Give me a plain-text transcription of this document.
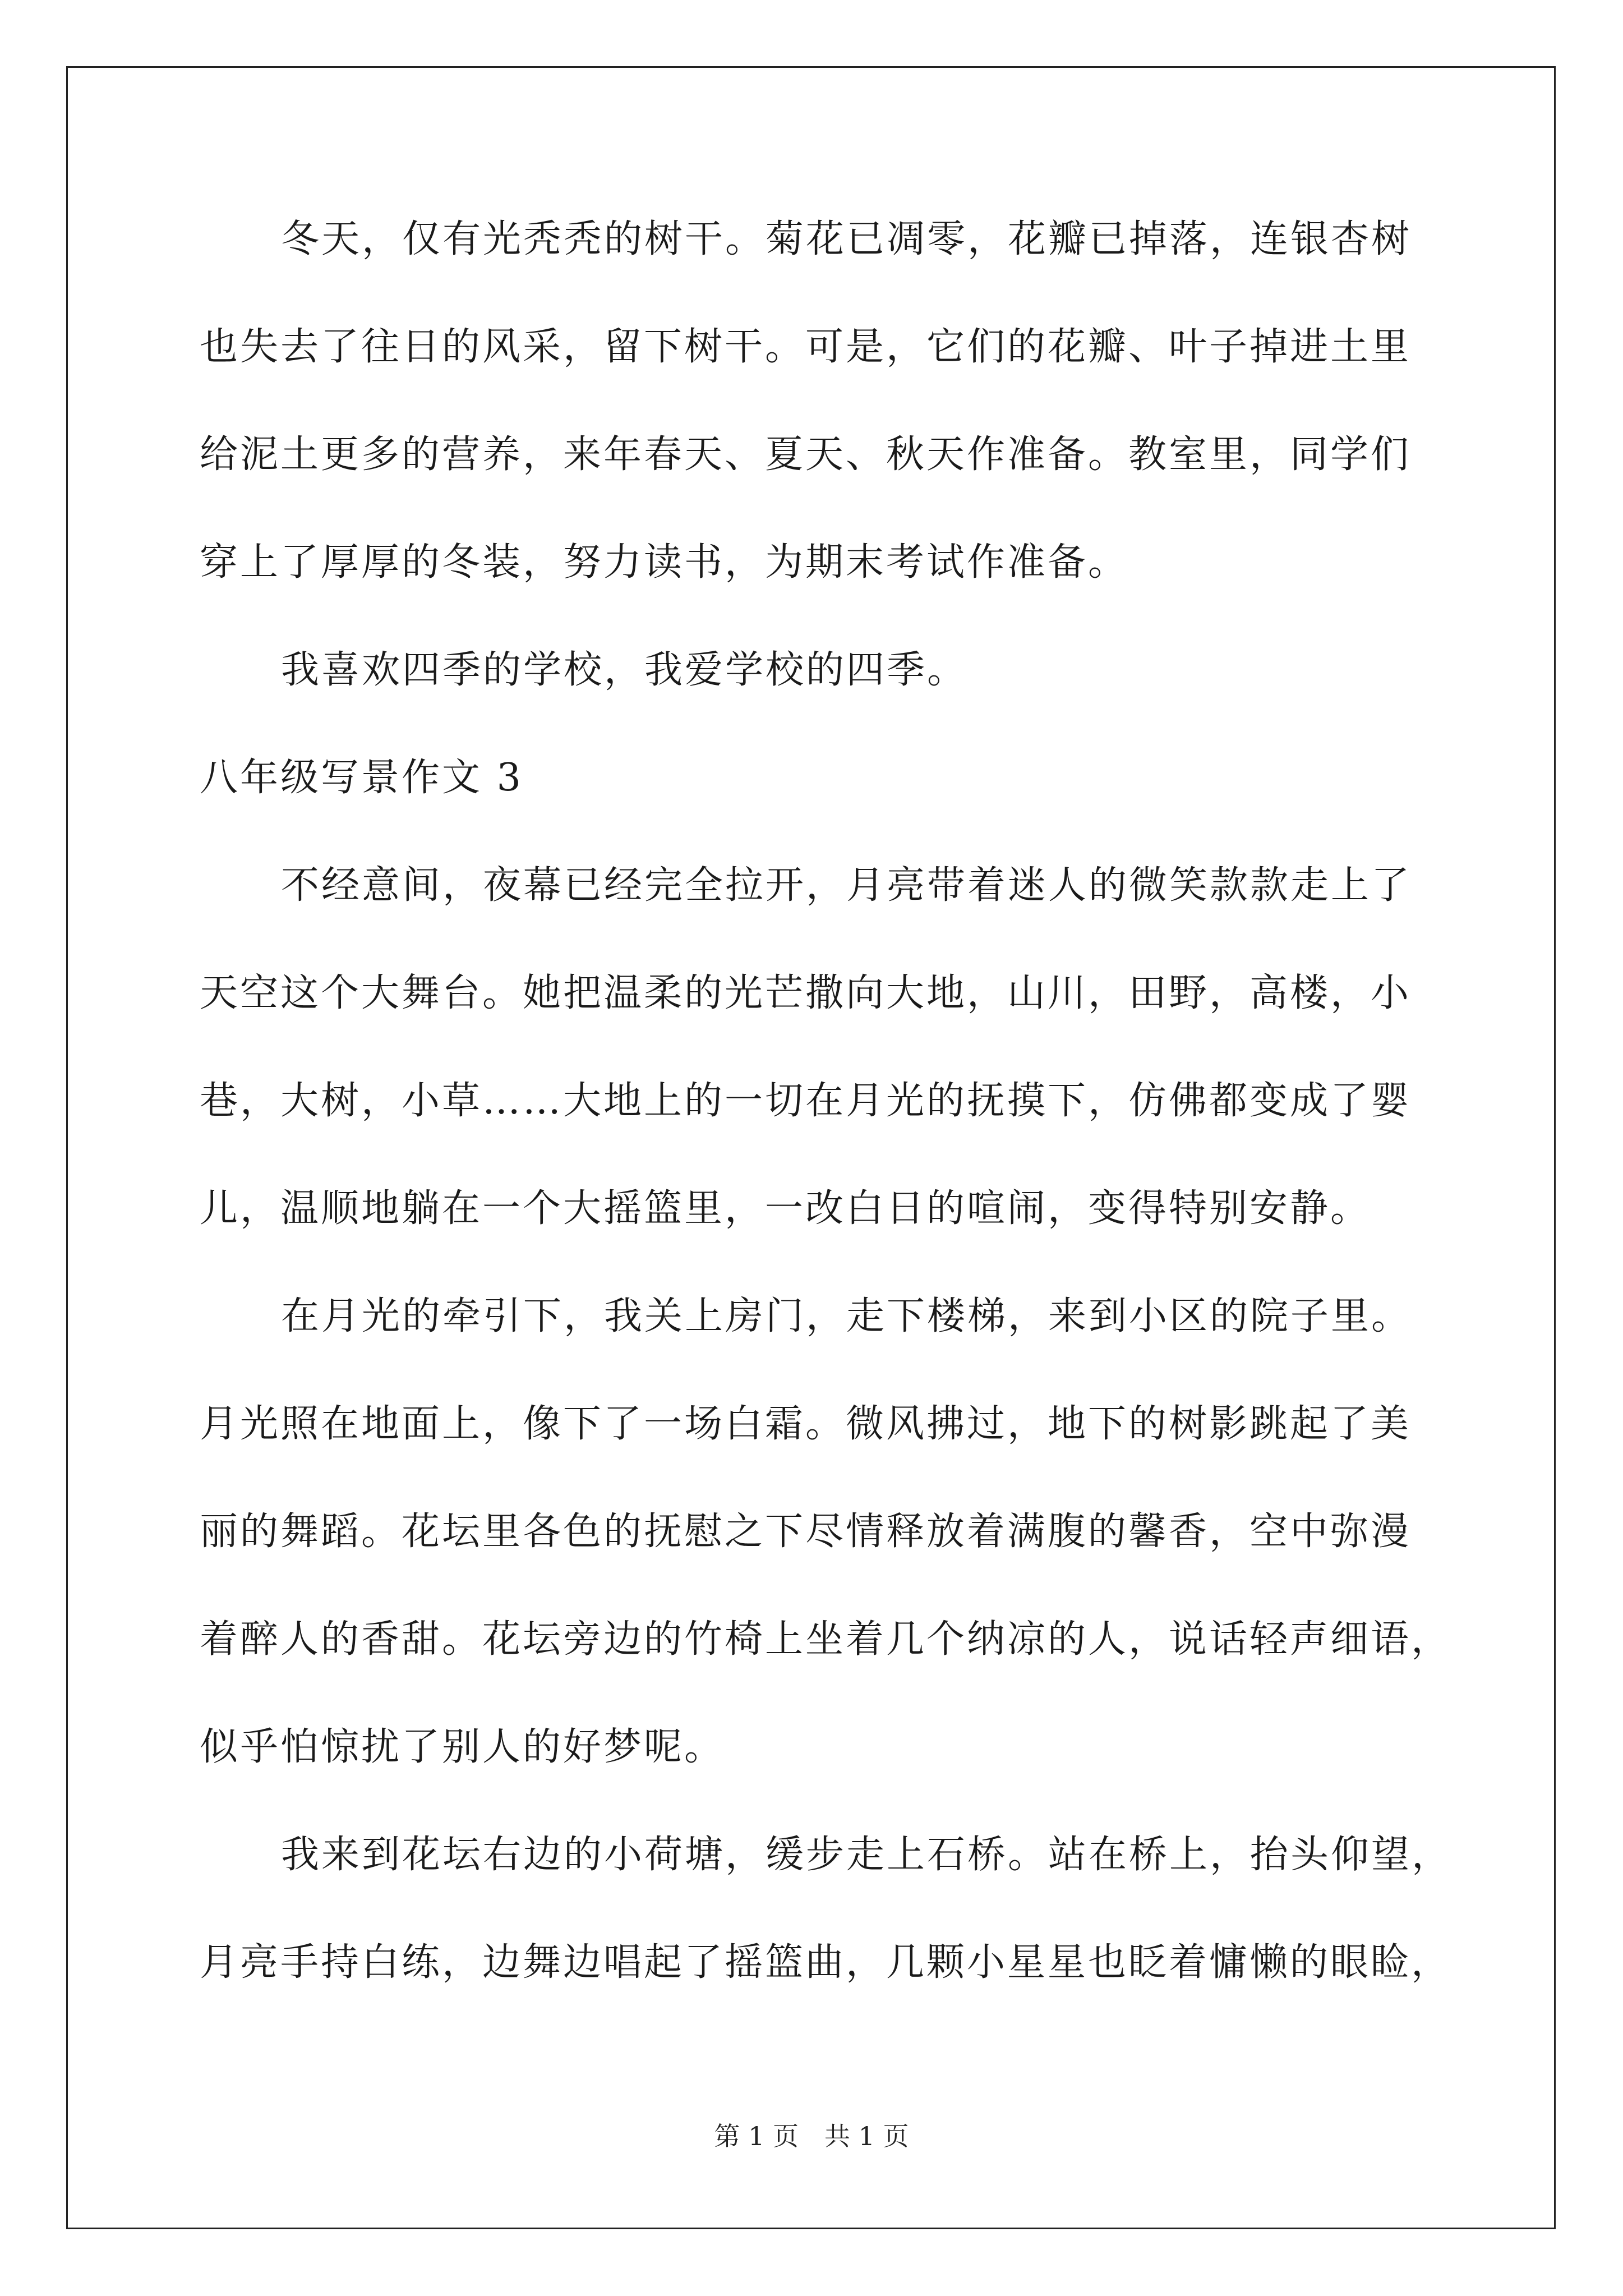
冬天，仅有光秃秃的树干。菊花已凋零，花瓣已掉落，连银杏树
也失去了往日的风采，留下树干。可是，它们的花瓣、叶子掉进土里
给泥土更多的营养，来年春天、夏天、秋天作准备。教室里，同学们
穿上了厚厚的冬装，努力读书，为期末考试作准备。
我喜欢四季的学校，我爱学校的四季。
八年级写景作文 3
不经意间，夜幕已经完全拉开，月亮带着迷人的微笑款款走上了
天空这个大舞台。她把温柔的光芒撒向大地，山川，田野，高楼，小
巷，大树，小草……大地上的一切在月光的抚摸下，仿佛都变成了婴
儿，温顺地躺在一个大摇篮里，一改白日的喧闹，变得特别安静。
在月光的牵引下，我关上房门，走下楼梯，来到小区的院子里。
月光照在地面上，像下了一场白霜。微风拂过，地下的树影跳起了美
丽的舞蹈。花坛里各色的抚慰之下尽情释放着满腹的馨香，空中弥漫
着醉人的香甜。花坛旁边的竹椅上坐着几个纳凉的人，说话轻声细语，
似乎怕惊扰了别人的好梦呢。
我来到花坛右边的小荷塘，缓步走上石桥。站在桥上，抬头仰望，
月亮手持白练，边舞边唱起了摇篮曲，几颗小星星也眨着慵懒的眼睑，
第 1 页　共 1 页
